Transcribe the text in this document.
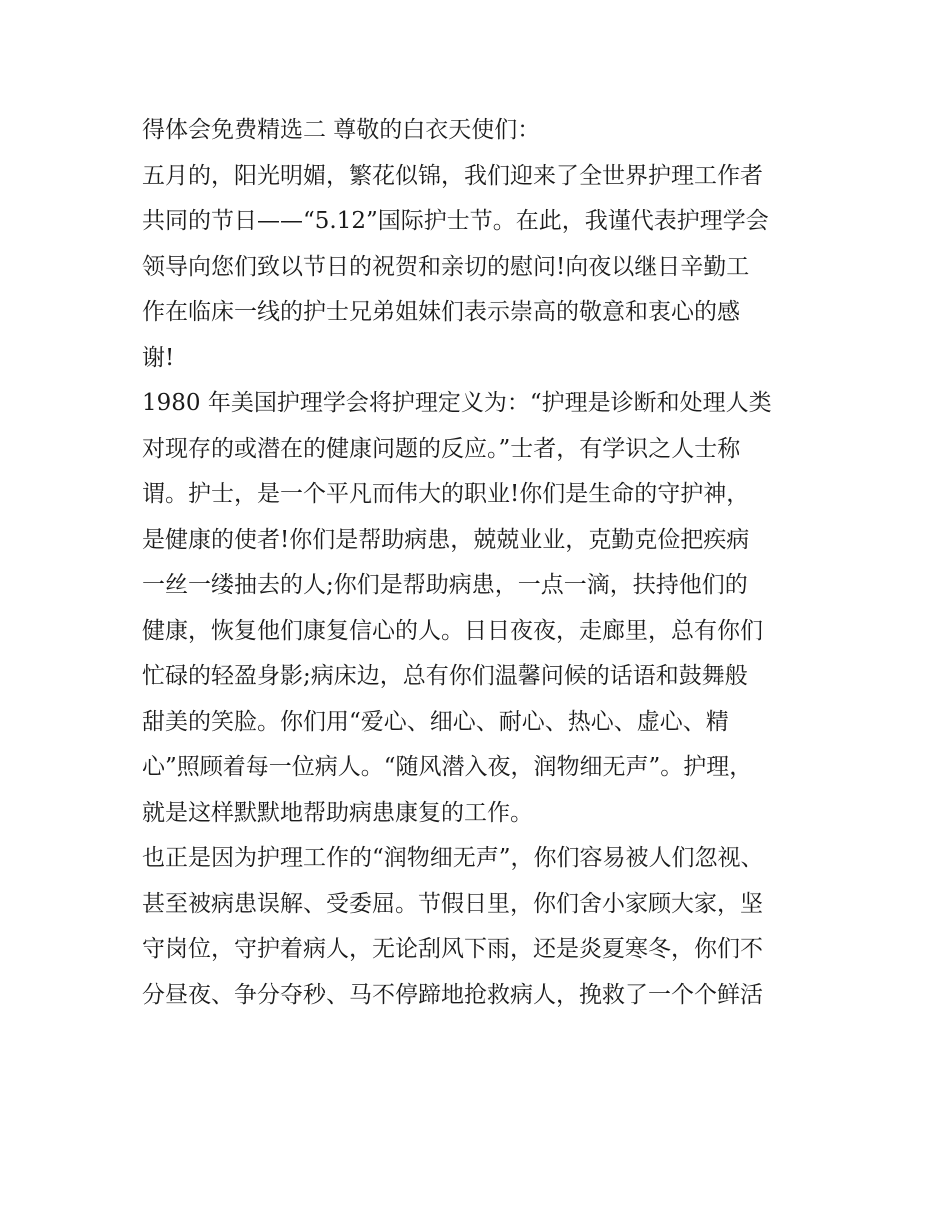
得体会免费精选二 尊敬的白衣天使们：
五月的，阳光明媚，繁花似锦，我们迎来了全世界护理工作者
共同的节日——“5.12”国际护士节。在此，我谨代表护理学会
领导向您们致以节日的祝贺和亲切的慰问!向夜以继日辛勤工
作在临床一线的护士兄弟姐妹们表示崇高的敬意和衷心的感
谢!
1980 年美国护理学会将护理定义为：“护理是诊断和处理人类
对现存的或潜在的健康问题的反应。”士者，有学识之人士称
谓。护士，是一个平凡而伟大的职业!你们是生命的守护神，
是健康的使者!你们是帮助病患，兢兢业业，克勤克俭把疾病
一丝一缕抽去的人;你们是帮助病患，一点一滴，扶持他们的
健康，恢复他们康复信心的人。日日夜夜，走廊里，总有你们
忙碌的轻盈身影;病床边，总有你们温馨问候的话语和鼓舞般
甜美的笑脸。你们用“爱心、细心、耐心、热心、虚心、精
心”照顾着每一位病人。“随风潜入夜，润物细无声”。护理，
就是这样默默地帮助病患康复的工作。
也正是因为护理工作的“润物细无声”，你们容易被人们忽视、
甚至被病患误解、受委屈。节假日里，你们舍小家顾大家，坚
守岗位，守护着病人，无论刮风下雨，还是炎夏寒冬，你们不
分昼夜、争分夺秒、马不停蹄地抢救病人，挽救了一个个鲜活
